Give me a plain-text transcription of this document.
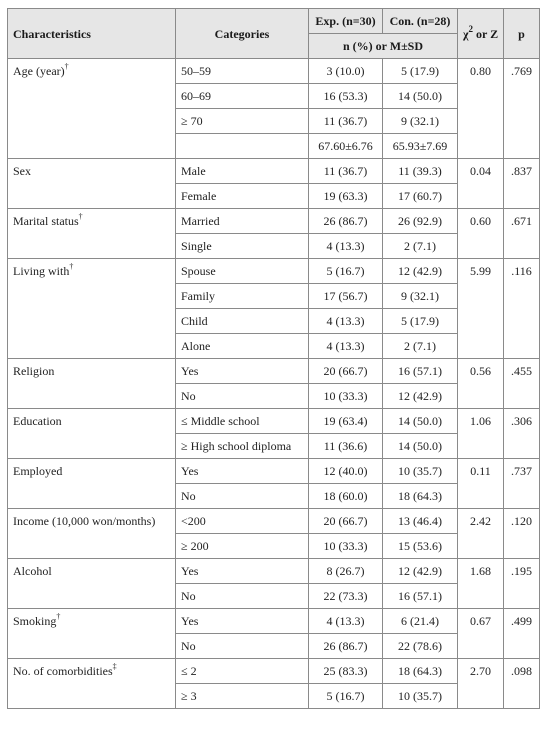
Characteristics	Categories	Exp. (n=30)	Con. (n=28)	$\chi^2$ or Z	p
		n (%) or M±SD			
Age (year)†	50–59	3 (10.0)	5 (17.9)	0.80	.769
	60–69	16 (53.3)	14 (50.0)		
	≥ 70	11 (36.7)	9 (32.1)		
		67.60±6.76	65.93±7.69		
Sex	Male	11 (36.7)	11 (39.3)	0.04	.837
	Female	19 (63.3)	17 (60.7)		
Marital status†	Married	26 (86.7)	26 (92.9)	0.60	.671
	Single	4 (13.3)	2 (7.1)		
Living with†	Spouse	5 (16.7)	12 (42.9)	5.99	.116
	Family	17 (56.7)	9 (32.1)		
	Child	4 (13.3)	5 (17.9)		
	Alone	4 (13.3)	2 (7.1)		
Religion	Yes	20 (66.7)	16 (57.1)	0.56	.455
	No	10 (33.3)	12 (42.9)		
Education	≤ Middle school	19 (63.4)	14 (50.0)	1.06	.306
	≥ High school diploma	11 (36.6)	14 (50.0)		
Employed	Yes	12 (40.0)	10 (35.7)	0.11	.737
	No	18 (60.0)	18 (64.3)		
Income (10,000 won/months)	<200	20 (66.7)	13 (46.4)	2.42	.120
	≥ 200	10 (33.3)	15 (53.6)		
Alcohol	Yes	8 (26.7)	12 (42.9)	1.68	.195
	No	22 (73.3)	16 (57.1)		
Smoking†	Yes	4 (13.3)	6 (21.4)	0.67	.499
	No	26 (86.7)	22 (78.6)		
No. of comorbidities‡	≤ 2	25 (83.3)	18 (64.3)	2.70	.098
	≥ 3	5 (16.7)	10 (35.7)		
